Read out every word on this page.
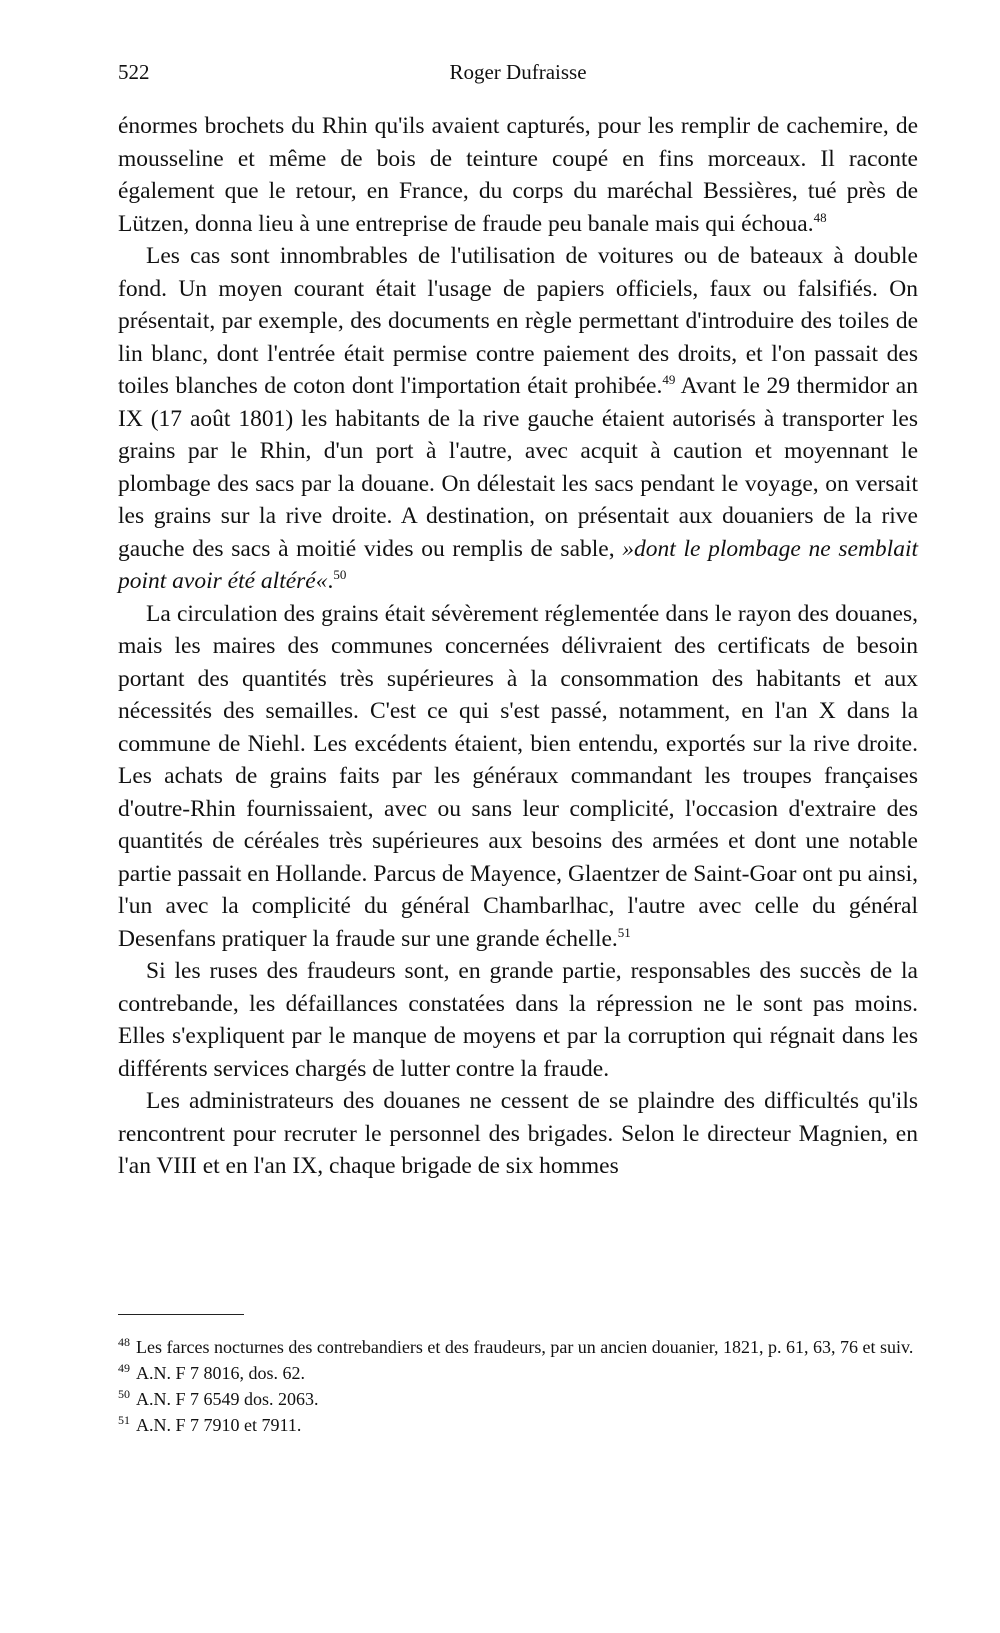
522	Roger Dufraisse

énormes brochets du Rhin qu'ils avaient capturés, pour les remplir de cachemire, de mousseline et même de bois de teinture coupé en fins morceaux. Il raconte également que le retour, en France, du corps du maréchal Bessières, tué près de Lützen, donna lieu à une entreprise de fraude peu banale mais qui échoua.$^{48}$

Les cas sont innombrables de l'utilisation de voitures ou de bateaux à double fond. Un moyen courant était l'usage de papiers officiels, faux ou falsifiés. On présentait, par exemple, des documents en règle permettant d'introduire des toiles de lin blanc, dont l'entrée était permise contre paiement des droits, et l'on passait des toiles blanches de coton dont l'importation était prohibée.$^{49}$ Avant le 29 thermidor an IX (17 août 1801) les habitants de la rive gauche étaient autorisés à transporter les grains par le Rhin, d'un port à l'autre, avec acquit à caution et moyennant le plombage des sacs par la douane. On délestait les sacs pendant le voyage, on versait les grains sur la rive droite. A destination, on présentait aux douaniers de la rive gauche des sacs à moitié vides ou remplis de sable, »dont le plombage ne semblait point avoir été altéré«.$^{50}$

La circulation des grains était sévèrement réglementée dans le rayon des douanes, mais les maires des communes concernées délivraient des certificats de besoin portant des quantités très supérieures à la consommation des habitants et aux nécessités des semailles. C'est ce qui s'est passé, notamment, en l'an X dans la commune de Niehl. Les excédents étaient, bien entendu, exportés sur la rive droite. Les achats de grains faits par les généraux commandant les troupes françaises d'outre-Rhin fournissaient, avec ou sans leur complicité, l'occasion d'extraire des quantités de céréales très supérieures aux besoins des armées et dont une notable partie passait en Hollande. Parcus de Mayence, Glaentzer de Saint-Goar ont pu ainsi, l'un avec la complicité du général Chambarlhac, l'autre avec celle du général Desenfans pratiquer la fraude sur une grande échelle.$^{51}$

Si les ruses des fraudeurs sont, en grande partie, responsables des succès de la contrebande, les défaillances constatées dans la répression ne le sont pas moins. Elles s'expliquent par le manque de moyens et par la corruption qui régnait dans les différents services chargés de lutter contre la fraude.

Les administrateurs des douanes ne cessent de se plaindre des difficultés qu'ils rencontrent pour recruter le personnel des brigades. Selon le directeur Magnien, en l'an VIII et en l'an IX, chaque brigade de six hommes

$^{48}$ Les farces nocturnes des contrebandiers et des fraudeurs, par un ancien douanier, 1821, p. 61, 63, 76 et suiv.

$^{49}$ A.N. F 7 8016, dos. 62.

$^{50}$ A.N. F 7 6549 dos. 2063.

$^{51}$ A.N. F 7 7910 et 7911.
